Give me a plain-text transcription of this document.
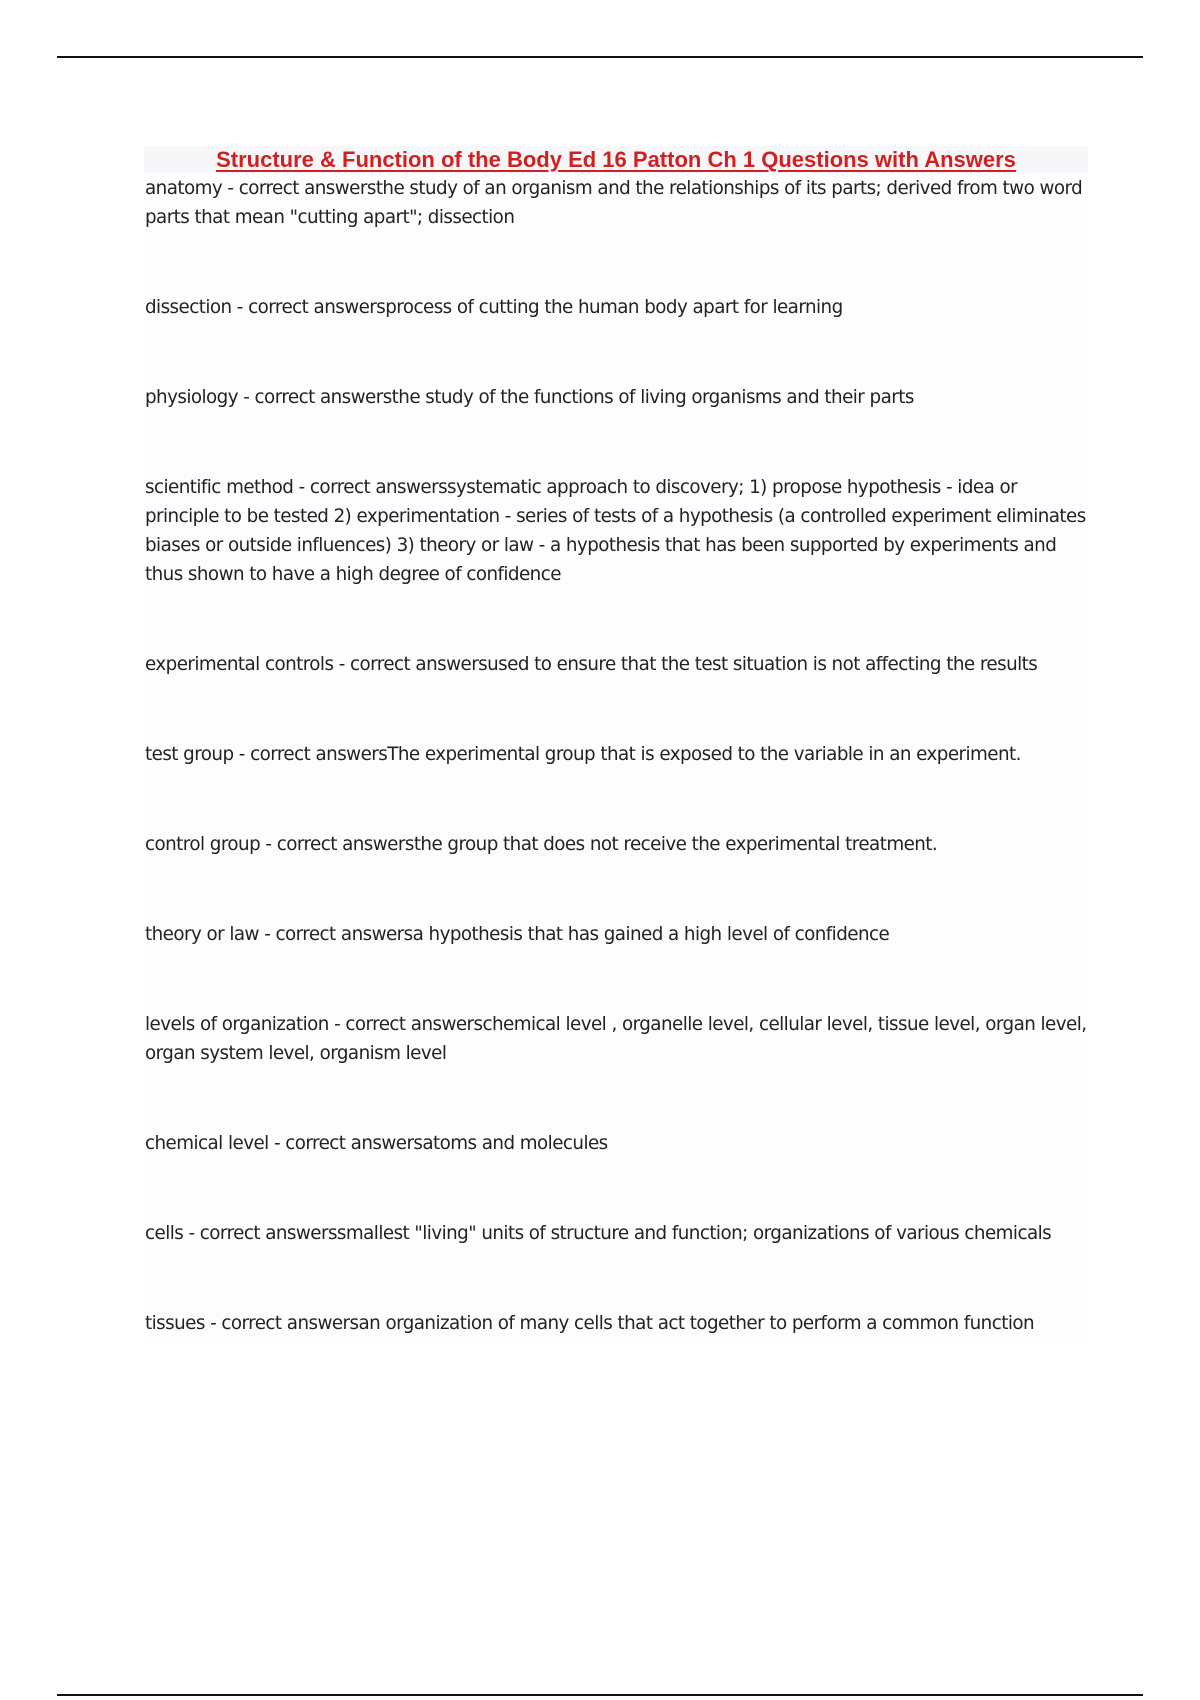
Structure & Function of the Body Ed 16 Patton Ch 1 Questions with Answers

anatomy - correct answersthe study of an organism and the relationships of its parts; derived from two word parts that mean "cutting apart"; dissection

dissection - correct answersprocess of cutting the human body apart for learning

physiology - correct answersthe study of the functions of living organisms and their parts

scientific method - correct answerssystematic approach to discovery; 1) propose hypothesis - idea or principle to be tested 2) experimentation - series of tests of a hypothesis (a controlled experiment eliminates biases or outside influences) 3) theory or law - a hypothesis that has been supported by experiments and thus shown to have a high degree of confidence

experimental controls - correct answersused to ensure that the test situation is not affecting the results

test group - correct answersThe experimental group that is exposed to the variable in an experiment.

control group - correct answersthe group that does not receive the experimental treatment.

theory or law - correct answersa hypothesis that has gained a high level of confidence

levels of organization - correct answerschemical level , organelle level, cellular level, tissue level, organ level, organ system level, organism level

chemical level - correct answersatoms and molecules

cells - correct answerssmallest "living" units of structure and function; organizations of various chemicals

tissues - correct answersan organization of many cells that act together to perform a common function
